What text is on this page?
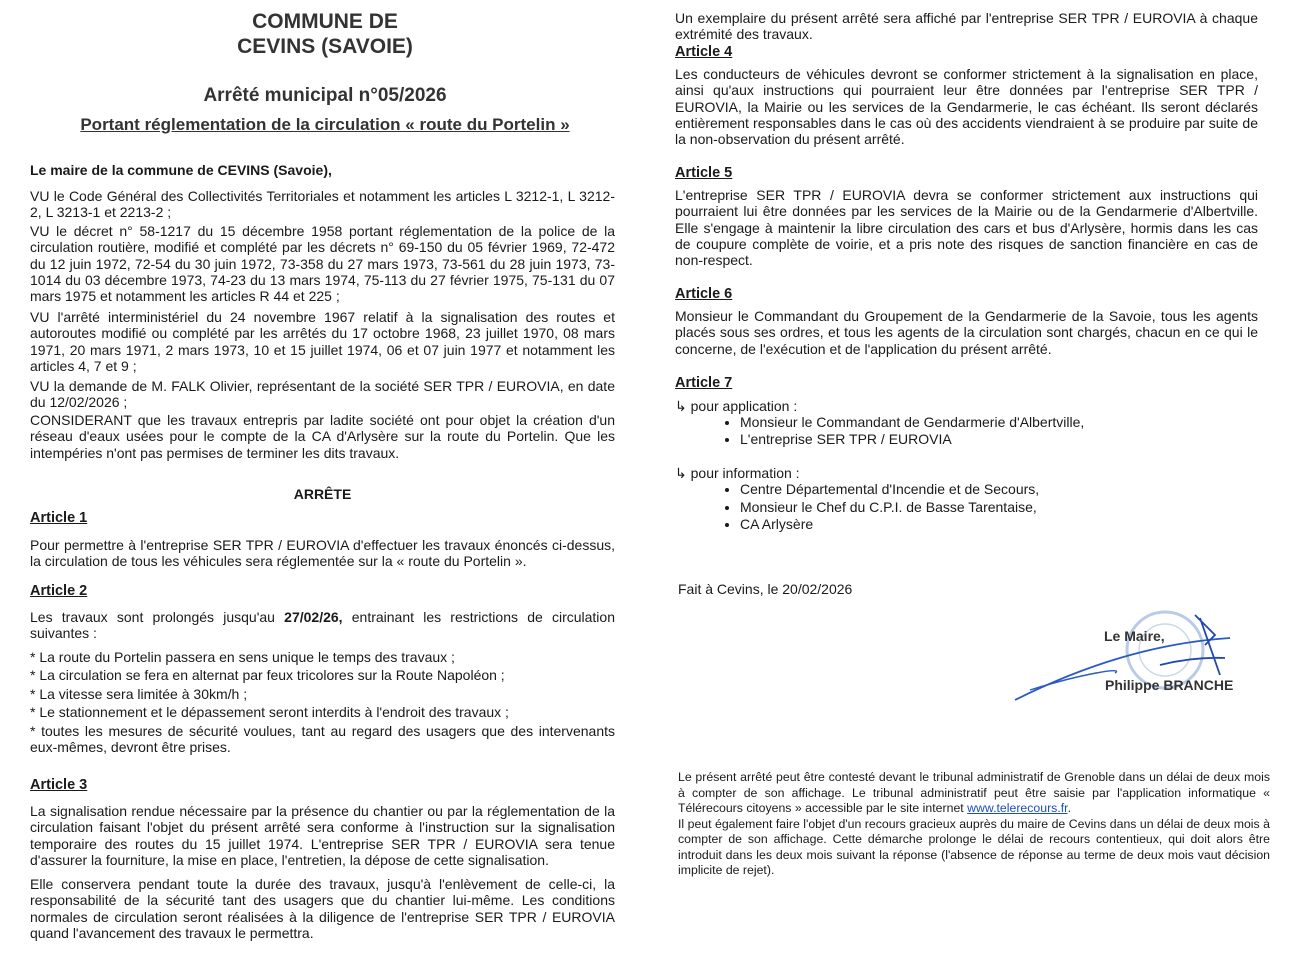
COMMUNE DE
CEVINS (SAVOIE)
Arrêté municipal n°05/2026
Portant réglementation de la circulation « route du Portelin »
Le maire de la commune de CEVINS (Savoie),
VU le Code Général des Collectivités Territoriales et notamment les articles L 3212-1, L 3212-2, L 3213-1 et 2213-2 ;
VU le décret n° 58-1217 du 15 décembre 1958 portant réglementation de la police de la circulation routière, modifié et complété par les décrets n° 69-150 du 05 février 1969, 72-472 du 12 juin 1972, 72-54 du 30 juin 1972, 73-358 du 27 mars 1973, 73-561 du 28 juin 1973, 73-1014 du 03 décembre 1973, 74-23 du 13 mars 1974, 75-113 du 27 février 1975, 75-131 du 07 mars 1975 et notamment les articles R 44 et 225 ;
VU l'arrêté interministériel du 24 novembre 1967 relatif à la signalisation des routes et autoroutes modifié ou complété par les arrêtés du 17 octobre 1968, 23 juillet 1970, 08 mars 1971, 20 mars 1971, 2 mars 1973, 10 et 15 juillet 1974, 06 et 07 juin 1977 et notamment les articles 4, 7 et 9 ;
VU la demande de M. FALK Olivier, représentant de la société SER TPR / EUROVIA, en date du 12/02/2026 ;
CONSIDERANT que les travaux entrepris par ladite société ont pour objet la création d'un réseau d'eaux usées pour le compte de la CA d'Arlysère sur la route du Portelin. Que les intempéries n'ont pas permises de terminer les dits travaux.
ARRÊTE
Article 1
Pour permettre à l'entreprise SER TPR / EUROVIA d'effectuer les travaux énoncés ci-dessus, la circulation de tous les véhicules sera réglementée sur la « route du Portelin ».
Article 2
Les travaux sont prolongés jusqu'au 27/02/26, entrainant les restrictions de circulation suivantes :
* La route du Portelin passera en sens unique le temps des travaux ;
* La circulation se fera en alternat par feux tricolores sur la Route Napoléon ;
* La vitesse sera limitée à 30km/h ;
* Le stationnement et le dépassement seront interdits à l'endroit des travaux ;
* toutes les mesures de sécurité voulues, tant au regard des usagers que des intervenants eux-mêmes, devront être prises.
Article 3
La signalisation rendue nécessaire par la présence du chantier ou par la réglementation de la circulation faisant l'objet du présent arrêté sera conforme à l'instruction sur la signalisation temporaire des routes du 15 juillet 1974. L'entreprise SER TPR / EUROVIA sera tenue d'assurer la fourniture, la mise en place, l'entretien, la dépose de cette signalisation.
Elle conservera pendant toute la durée des travaux, jusqu'à l'enlèvement de celle-ci, la responsabilité de la sécurité tant des usagers que du chantier lui-même. Les conditions normales de circulation seront réalisées à la diligence de l'entreprise SER TPR / EUROVIA quand l'avancement des travaux le permettra.
Un exemplaire du présent arrêté sera affiché par l'entreprise SER TPR / EUROVIA à chaque extrémité des travaux.
Article 4
Les conducteurs de véhicules devront se conformer strictement à la signalisation en place, ainsi qu'aux instructions qui pourraient leur être données par l'entreprise SER TPR / EUROVIA, la Mairie ou les services de la Gendarmerie, le cas échéant. Ils seront déclarés entièrement responsables dans le cas où des accidents viendraient à se produire par suite de la non-observation du présent arrêté.
Article 5
L'entreprise SER TPR / EUROVIA devra se conformer strictement aux instructions qui pourraient lui être données par les services de la Mairie ou de la Gendarmerie d'Albertville. Elle s'engage à maintenir la libre circulation des cars et bus d'Arlysère, hormis dans les cas de coupure complète de voirie, et a pris note des risques de sanction financière en cas de non-respect.
Article 6
Monsieur le Commandant du Groupement de la Gendarmerie de la Savoie, tous les agents placés sous ses ordres, et tous les agents de la circulation sont chargés, chacun en ce qui le concerne, de l'exécution et de l'application du présent arrêté.
Article 7
↳ pour application :
• Monsieur le Commandant de Gendarmerie d'Albertville,
• L'entreprise SER TPR / EUROVIA
↳ pour information :
• Centre Départemental d'Incendie et de Secours,
• Monsieur le Chef du C.P.I. de Basse Tarentaise,
• CA Arlysère
Fait à Cevins, le 20/02/2026
Le Maire,
Philippe BRANCHE
Le présent arrêté peut être contesté devant le tribunal administratif de Grenoble dans un délai de deux mois à compter de son affichage. Le tribunal administratif peut être saisie par l'application informatique « Télérecours citoyens » accessible par le site internet www.telerecours.fr.
Il peut également faire l'objet d'un recours gracieux auprès du maire de Cevins dans un délai de deux mois à compter de son affichage. Cette démarche prolonge le délai de recours contentieux, qui doit alors être introduit dans les deux mois suivant la réponse (l'absence de réponse au terme de deux mois vaut décision implicite de rejet).
